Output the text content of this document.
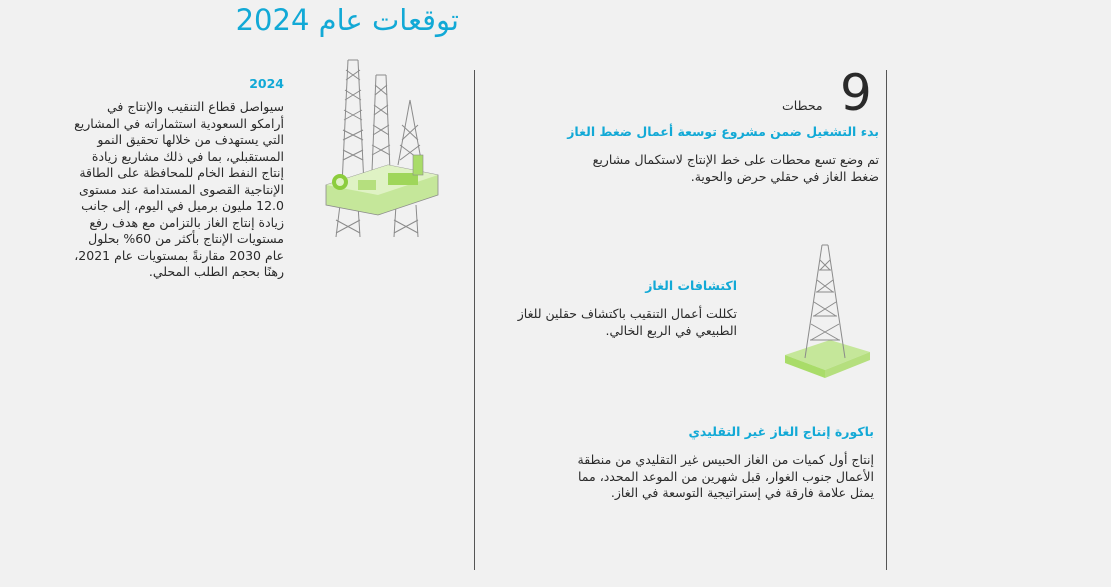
توقعات عام 2024
2024
سيواصل قطاع التنقيب والإنتاج في أرامكو السعودية استثماراته في المشاريع التي يستهدف من خلالها تحقيق النمو المستقبلي، بما في ذلك مشاريع زيادة إنتاج النفط الخام للمحافظة على الطاقة الإنتاجية القصوى المستدامة عند مستوى 12.0 مليون برميل في اليوم، إلى جانب زيادة إنتاج الغاز بالتزامن مع هدف رفع مستويات الإنتاج بأكثر من 60% بحلول عام 2030 مقارنةً بمستويات عام 2021، رهنًا بحجم الطلب المحلي.
9
محطات
بدء التشغيل ضمن مشروع توسعة أعمال ضغط الغاز
تم وضع تسع محطات على خط الإنتاج لاستكمال مشاريع ضغط الغاز في حقلي حرض والحوية.
اكتشافات الغاز
تكللت أعمال التنقيب باكتشاف حقلين للغاز الطبيعي في الربع الخالي.
باكورة إنتاج الغاز غير التقليدي
إنتاج أول كميات من الغاز الحبيس غير التقليدي من منطقة الأعمال جنوب الغوار، قبل شهرين من الموعد المحدد، مما يمثل علامة فارقة في إستراتيجية التوسعة في الغاز.
